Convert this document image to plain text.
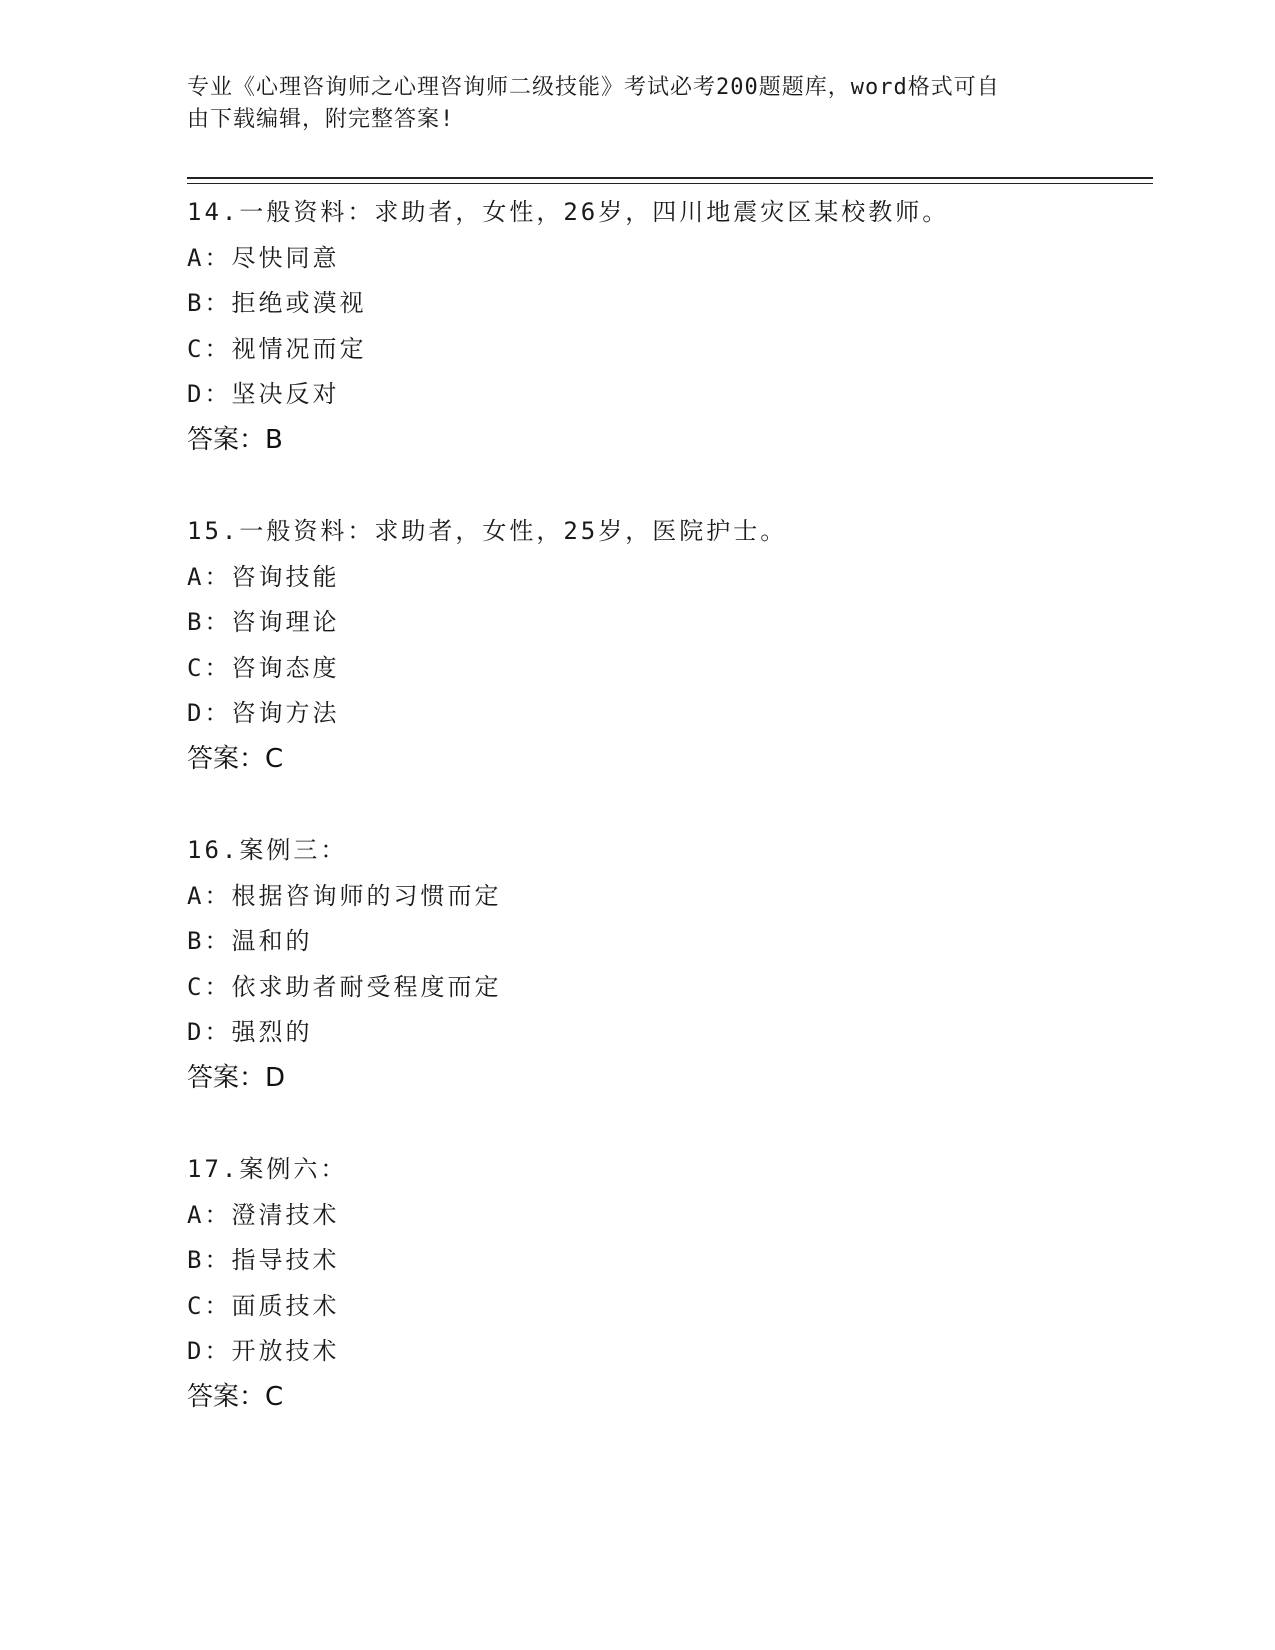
专业《心理咨询师之心理咨询师二级技能》考试必考200题题库，word格式可自
由下载编辑，附完整答案!
14.一般资料：求助者，女性，26岁，四川地震灾区某校教师。
A：尽快同意
B：拒绝或漠视
C：视情况而定
D：坚决反对
答案：B
15.一般资料：求助者，女性，25岁，医院护士。
A：咨询技能
B：咨询理论
C：咨询态度
D：咨询方法
答案：C
16.案例三：
A：根据咨询师的习惯而定
B：温和的
C：依求助者耐受程度而定
D：强烈的
答案：D
17.案例六：
A：澄清技术
B：指导技术
C：面质技术
D：开放技术
答案：C
